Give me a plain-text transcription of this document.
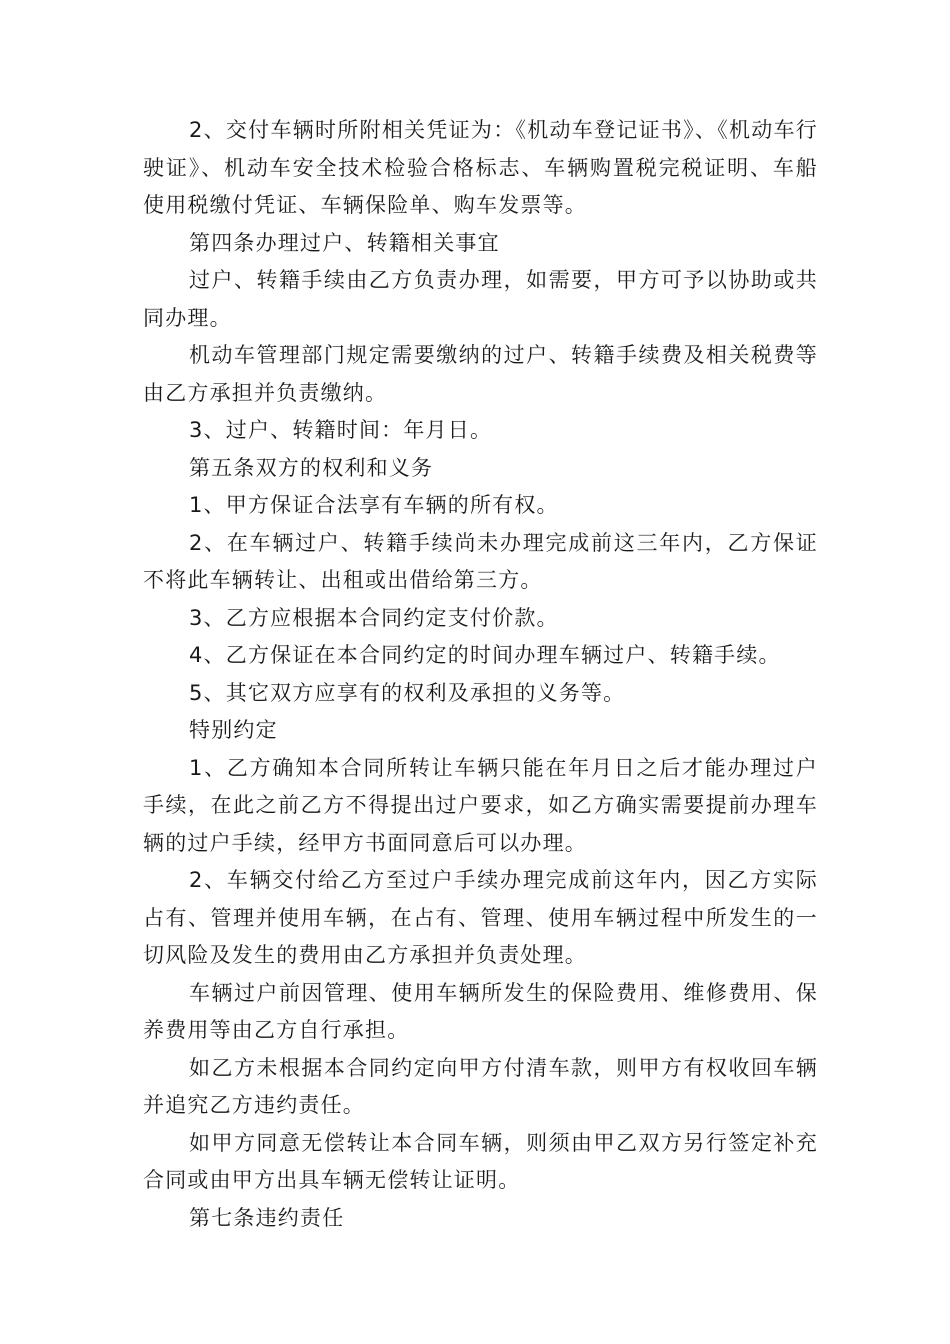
2、交付车辆时所附相关凭证为：《机动车登记证书》、《机动车行驶证》、机动车安全技术检验合格标志、车辆购置税完税证明、车船使用税缴付凭证、车辆保险单、购车发票等。

第四条办理过户、转籍相关事宜

过户、转籍手续由乙方负责办理，如需要，甲方可予以协助或共同办理。

机动车管理部门规定需要缴纳的过户、转籍手续费及相关税费等由乙方承担并负责缴纳。

3、过户、转籍时间：年月日。

第五条双方的权利和义务

1、甲方保证合法享有车辆的所有权。

2、在车辆过户、转籍手续尚未办理完成前这三年内，乙方保证不将此车辆转让、出租或出借给第三方。

3、乙方应根据本合同约定支付价款。

4、乙方保证在本合同约定的时间办理车辆过户、转籍手续。

5、其它双方应享有的权利及承担的义务等。

特别约定

1、乙方确知本合同所转让车辆只能在年月日之后才能办理过户手续，在此之前乙方不得提出过户要求，如乙方确实需要提前办理车辆的过户手续，经甲方书面同意后可以办理。

2、车辆交付给乙方至过户手续办理完成前这年内，因乙方实际占有、管理并使用车辆，在占有、管理、使用车辆过程中所发生的一切风险及发生的费用由乙方承担并负责处理。

车辆过户前因管理、使用车辆所发生的保险费用、维修费用、保养费用等由乙方自行承担。

如乙方未根据本合同约定向甲方付清车款，则甲方有权收回车辆并追究乙方违约责任。

如甲方同意无偿转让本合同车辆，则须由甲乙双方另行签定补充合同或由甲方出具车辆无偿转让证明。

第七条违约责任
